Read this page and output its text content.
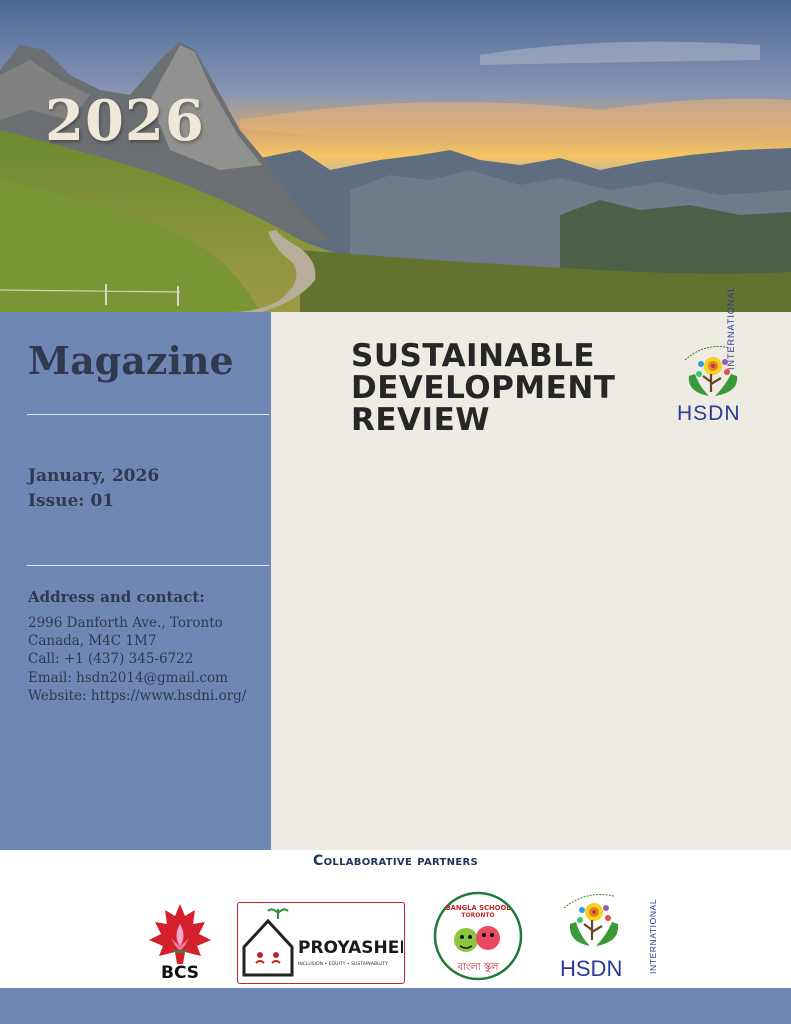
2026
Magazine
January, 2026
Issue: 01
Address and contact:
2996 Danforth Ave., Toronto
Canada, M4C 1M7
Call: +1 (437) 345-6722
Email: hsdn2014@gmail.com
Website: https://www.hsdni.org/
SUSTAINABLE
DEVELOPMENT
REVIEW	HSDN
INTERNATIONAL
Collaborative partners
BCS
PROYASHEE
INCLUSION • EQUITY • SUSTAINABILITY
BANGLA SCHOOL
TORONTO
বাংলা স্কুল	HSDN	INTERNATIONAL
